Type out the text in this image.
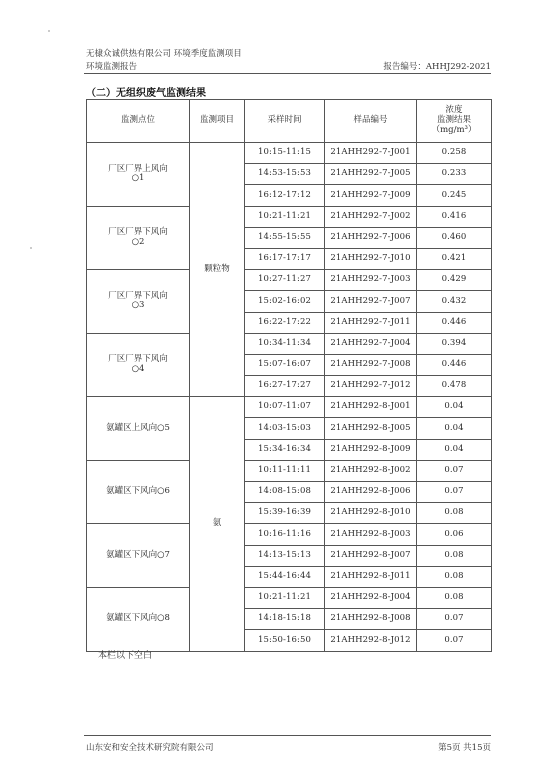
无棣众诚供热有限公司 环境季度监测项目
环境监测报告	报告编号：AHHJ292-2021
（二）无组织废气监测结果
监测点位	监测项目	采样时间	样品编号	浓度
监测结果
（mg/m³）
厂区厂界上风向
○1	颗粒物	10:15-11:15	21AHH292-7-J001	0.258
		14:53-15:53	21AHH292-7-J005	0.233
		16:12-17:12	21AHH292-7-J009	0.245
厂区厂界下风向
○2		10:21-11:21	21AHH292-7-J002	0.416
		14:55-15:55	21AHH292-7-J006	0.460
		16:17-17:17	21AHH292-7-J010	0.421
厂区厂界下风向
○3		10:27-11:27	21AHH292-7-J003	0.429
		15:02-16:02	21AHH292-7-J007	0.432
		16:22-17:22	21AHH292-7-J011	0.446
厂区厂界下风向
○4		10:34-11:34	21AHH292-7-J004	0.394
		15:07-16:07	21AHH292-7-J008	0.446
		16:27-17:27	21AHH292-7-J012	0.478
氨罐区上风向○5	氨	10:07-11:07	21AHH292-8-J001	0.04
		14:03-15:03	21AHH292-8-J005	0.04
		15:34-16:34	21AHH292-8-J009	0.04
氨罐区下风向○6		10:11-11:11	21AHH292-8-J002	0.07
		14:08-15:08	21AHH292-8-J006	0.07
		15:39-16:39	21AHH292-8-J010	0.08
氨罐区下风向○7		10:16-11:16	21AHH292-8-J003	0.06
		14:13-15:13	21AHH292-8-J007	0.08
		15:44-16:44	21AHH292-8-J011	0.08
氨罐区下风向○8		10:21-11:21	21AHH292-8-J004	0.08
		14:18-15:18	21AHH292-8-J008	0.07
		15:50-16:50	21AHH292-8-J012	0.07
本栏以下空白
山东安和安全技术研究院有限公司	第5页 共15页
